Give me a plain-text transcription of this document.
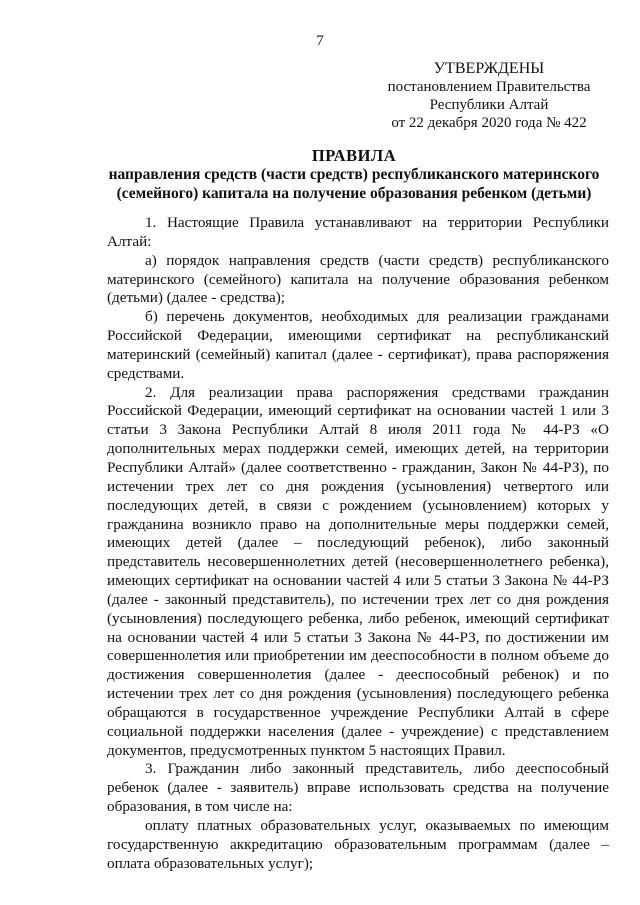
7
УТВЕРЖДЕНЫ
постановлением Правительства
Республики Алтай
от 22 декабря 2020 года № 422
ПРАВИЛА
направления средств (части средств) республиканского материнского (семейного) капитала на получение образования ребенком (детьми)

1. Настоящие Правила устанавливают на территории Республики Алтай:

а) порядок направления средств (части средств) республиканского материнского (семейного) капитала на получение образования ребенком (детьми) (далее - средства);

б) перечень документов, необходимых для реализации гражданами Российской Федерации, имеющими сертификат на республиканский материнский (семейный) капитал (далее - сертификат), права распоряжения средствами.

2. Для реализации права распоряжения средствами гражданин Российской Федерации, имеющий сертификат на основании частей 1 или 3 статьи 3 Закона Республики Алтай 8 июля 2011 года № 44-РЗ «О дополнительных мерах поддержки семей, имеющих детей, на территории Республики Алтай» (далее соответственно - гражданин, Закон № 44-РЗ), по истечении трех лет со дня рождения (усыновления) четвертого или последующих детей, в связи с рождением (усыновлением) которых у гражданина возникло право на дополнительные меры поддержки семей, имеющих детей (далее – последующий ребенок), либо законный представитель несовершеннолетних детей (несовершеннолетнего ребенка), имеющих сертификат на основании частей 4 или 5 статьи 3 Закона № 44-РЗ (далее - законный представитель), по истечении трех лет со дня рождения (усыновления) последующего ребенка, либо ребенок, имеющий сертификат на основании частей 4 или 5 статьи 3 Закона № 44-РЗ, по достижении им совершеннолетия или приобретении им дееспособности в полном объеме до достижения совершеннолетия (далее - дееспособный ребенок) и по истечении трех лет со дня рождения (усыновления) последующего ребенка обращаются в государственное учреждение Республики Алтай в сфере социальной поддержки населения (далее - учреждение) с представлением документов, предусмотренных пунктом 5 настоящих Правил.

3. Гражданин либо законный представитель, либо дееспособный ребенок (далее - заявитель) вправе использовать средства на получение образования, в том числе на:

оплату платных образовательных услуг, оказываемых по имеющим государственную аккредитацию образовательным программам (далее – оплата образовательных услуг);
